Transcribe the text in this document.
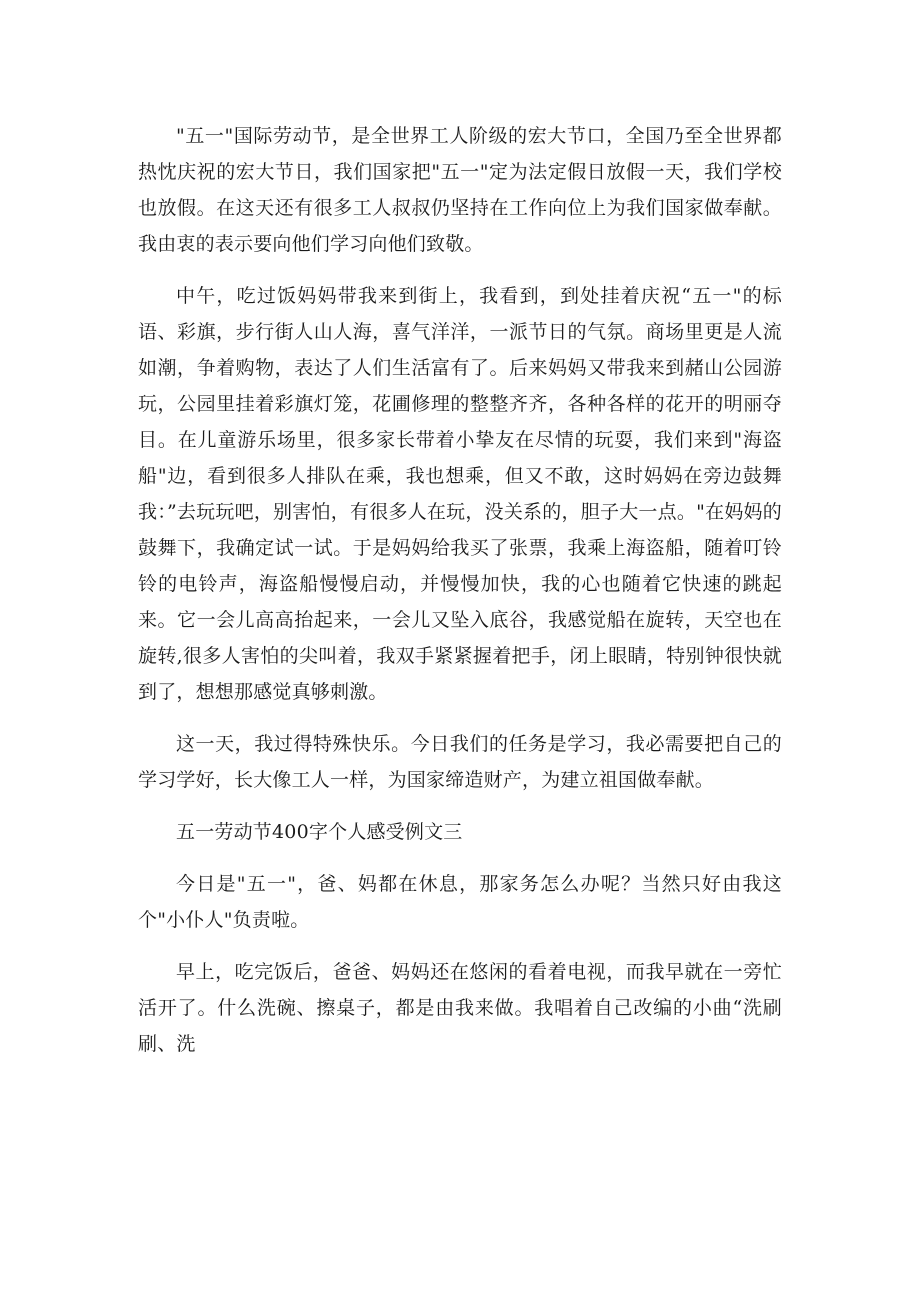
"五一"国际劳动节，是全世界工人阶级的宏大节口，全国乃至全世界都热忱庆祝的宏大节日，我们国家把"五一"定为法定假日放假一天，我们学校也放假。在这天还有很多工人叔叔仍坚持在工作向位上为我们国家做奉献。我由衷的表示要向他们学习向他们致敬。

中午，吃过饭妈妈带我来到街上，我看到，到处挂着庆祝“五一"的标语、彩旗，步行街人山人海，喜气洋洋，一派节日的气氛。商场里更是人流如潮，争着购物，表达了人们生活富有了。后来妈妈又带我来到赭山公园游玩，公园里挂着彩旗灯笼，花圃修理的整整齐齐，各种各样的花开的明丽夺目。在儿童游乐场里，很多家长带着小挚友在尽情的玩耍，我们来到"海盗船"边，看到很多人排队在乘，我也想乘，但又不敢，这时妈妈在旁边鼓舞我：”去玩玩吧，别害怕，有很多人在玩，没关系的，胆子大一点。"在妈妈的鼓舞下，我确定试一试。于是妈妈给我买了张票，我乘上海盗船，随着叮铃铃的电铃声，海盗船慢慢启动，并慢慢加快，我的心也随着它快速的跳起来。它一会儿高高抬起来，一会儿又坠入底谷，我感觉船在旋转，天空也在旋转,很多人害怕的尖叫着，我双手紧紧握着把手，闭上眼睛，特别钟很快就到了，想想那感觉真够刺激。

这一天，我过得特殊快乐。今日我们的任务是学习，我必需要把自己的学习学好，长大像工人一样，为国家缔造财产，为建立祖国做奉献。

五一劳动节400字个人感受例文三

今日是"五一"，爸、妈都在休息，那家务怎么办呢？当然只好由我这个"小仆人"负责啦。

早上，吃完饭后，爸爸、妈妈还在悠闲的看着电视，而我早就在一旁忙活开了。什么洗碗、擦桌子，都是由我来做。我唱着自己改编的小曲“洗刷刷、洗
